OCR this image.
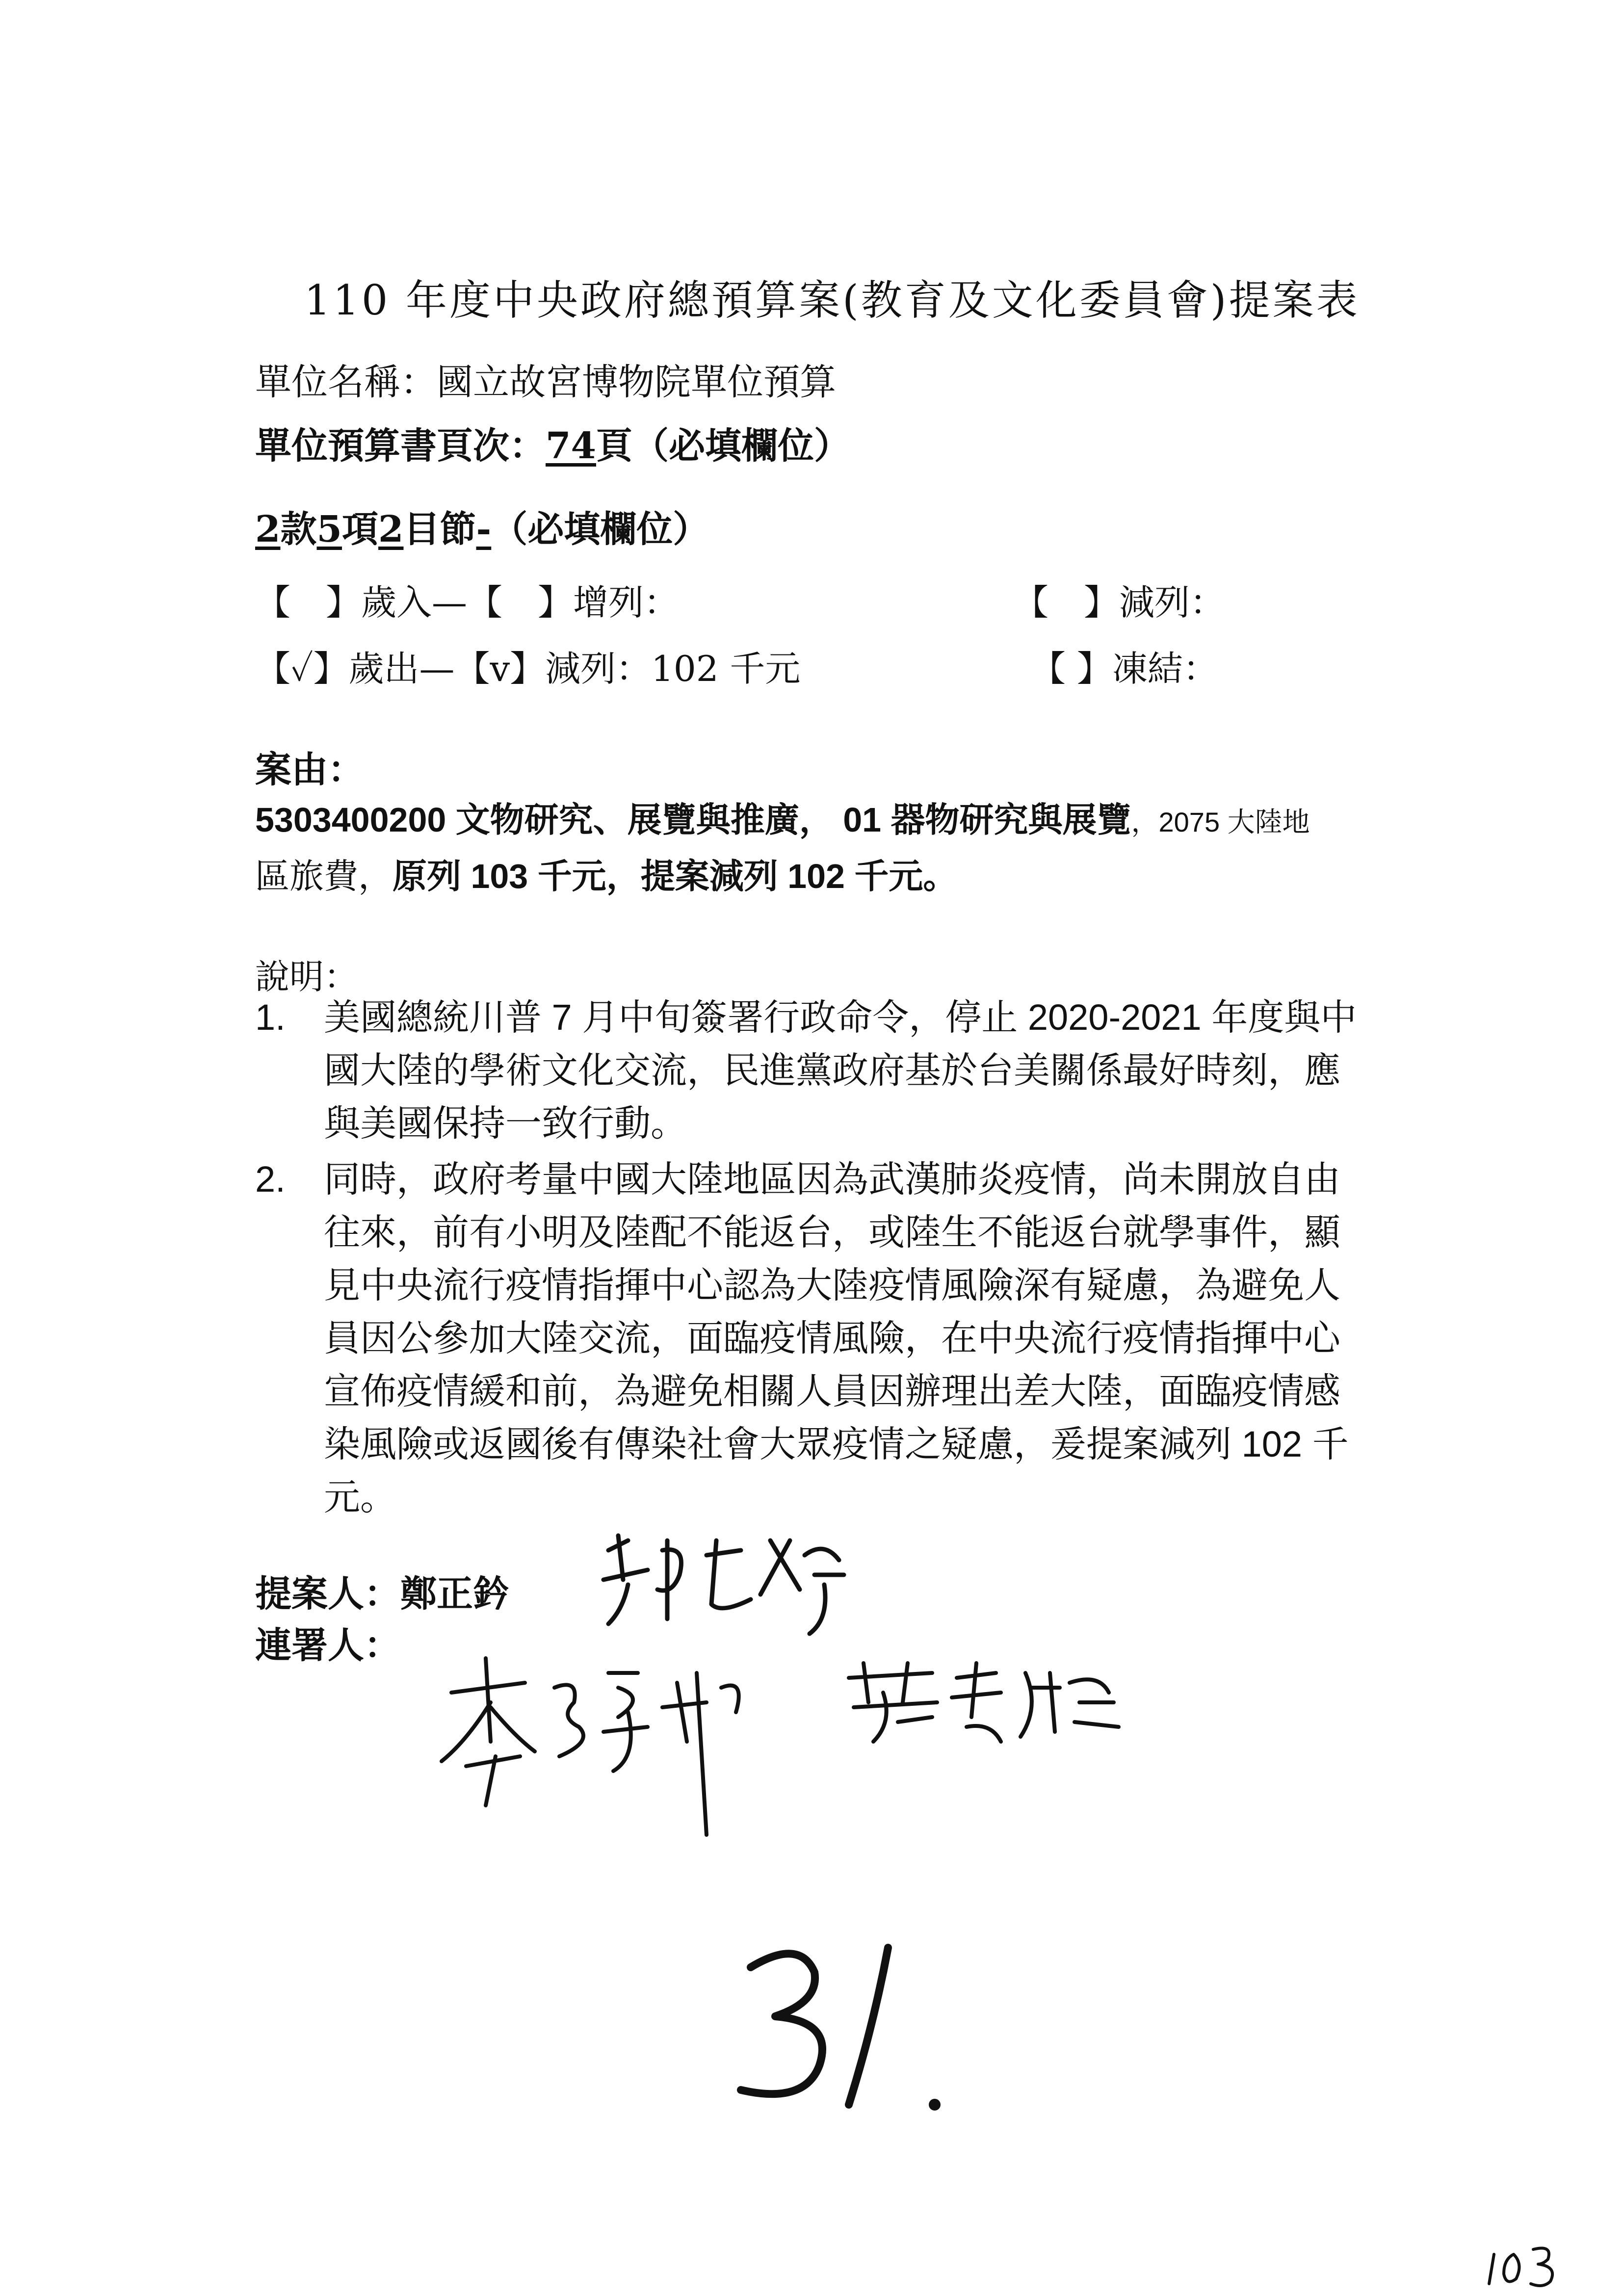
110 年度中央政府總預算案(教育及文化委員會)提案表
單位名稱：國立故宮博物院單位預算
單位預算書頁次：74頁（必填欄位）
2款5項2目節-（必填欄位）
【　】歲入—【　】增列：	【　】減列：
【✓】歲出—【v】減列：102 千元	【 】凍結：
案由：
5303400200 文物研究、展覽與推廣， 01 器物研究與展覽，2075 大陸地
區旅費，原列 103 千元，提案減列 102 千元。
說明：
1. 美國總統川普 7 月中旬簽署行政命令，停止 2020-2021 年度與中
國大陸的學術文化交流，民進黨政府基於台美關係最好時刻，應
與美國保持一致行動。
2. 同時，政府考量中國大陸地區因為武漢肺炎疫情，尚未開放自由
往來，前有小明及陸配不能返台，或陸生不能返台就學事件，顯
見中央流行疫情指揮中心認為大陸疫情風險深有疑慮，為避免人
員因公參加大陸交流，面臨疫情風險，在中央流行疫情指揮中心
宣佈疫情緩和前，為避免相關人員因辦理出差大陸，面臨疫情感
染風險或返國後有傳染社會大眾疫情之疑慮，爰提案減列 102 千
元。
提案人：鄭正鈐
連署人：
